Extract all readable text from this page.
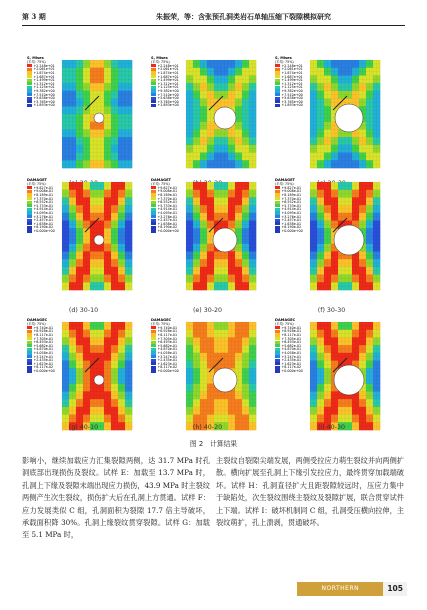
第 3 期	朱振荣，等：含张预孔洞类岩石单轴压缩下裂隙模拟研究
S, Mises
(平均: 75%)
+2.248e+01
+2.061e+01
+1.874e+01
+1.687e+01
+1.499e+01
+1.312e+01
+1.125e+01
+9.382e+00
+7.510e+00
+5.638e+00
+3.765e+00
+1.893e+00
S, Mises
(平均: 75%)
+2.248e+01
+2.061e+01
+1.874e+01
+1.687e+01
+1.499e+01
+1.312e+01
+1.125e+01
+9.382e+00
+7.510e+00
+5.638e+00
+3.765e+00
+1.893e+00
S, Mises
(平均: 75%)
+2.248e+01
+2.061e+01
+1.874e+01
+1.687e+01
+1.499e+01
+1.312e+01
+1.125e+01
+9.382e+00
+7.510e+00
+5.638e+00
+3.765e+00
+1.893e+00
DAMAGET
(平均: 75%)
+9.827e-01
+9.008e-01
+8.189e-01
+7.370e-01
+6.552e-01
+5.733e-01
+4.914e-01
+4.095e-01
+3.276e-01
+2.457e-01
+1.638e-01
+8.190e-02
+0.000e+00
(d) 30-10
DAMAGET
(平均: 75%)
+9.827e-01
+9.008e-01
+8.189e-01
+7.370e-01
+6.552e-01
+5.733e-01
+4.914e-01
+4.095e-01
+3.276e-01
+2.457e-01
+1.638e-01
+8.190e-02
+0.000e+00
(e) 30-20
DAMAGET
(平均: 75%)
+9.827e-01
+9.008e-01
+8.189e-01
+7.370e-01
+6.552e-01
+5.733e-01
+4.914e-01
+4.095e-01
+3.276e-01
+2.457e-01
+1.638e-01
+8.190e-02
+0.000e+00
(f) 30-30
DAMAGEC
(平均: 75%)
+9.740e-01
+8.928e-01
+8.117e-01
+7.305e-01
+6.493e-01
+5.682e-01
+4.870e-01
+4.058e-01
+3.247e-01
+2.435e-01
+1.623e-01
+8.117e-02
+0.000e+00
(g) 40-10
DAMAGEC
(平均: 75%)
+9.740e-01
+8.928e-01
+8.117e-01
+7.305e-01
+6.493e-01
+5.682e-01
+4.870e-01
+4.058e-01
+3.247e-01
+2.435e-01
+1.623e-01
+8.117e-02
+0.000e+00
(h) 40-20
DAMAGEC
(平均: 75%)
+9.740e-01
+8.928e-01
+8.117e-01
+7.305e-01
+6.493e-01
+5.682e-01
+4.870e-01
+4.058e-01
+3.247e-01
+2.435e-01
+1.623e-01
+8.117e-02
+0.000e+00
(i) 40-30
图 2　计算结果
影响小，继续加载应力汇集裂隙两侧，达 31.7 MPa 时孔洞底部出现损伤及裂纹。试样 E：加载至 13.7 MPa 时，孔洞上下缘及裂隙末端出现应力损伤，43.9 MPa 时主裂纹两侧产生次生裂纹，损伤扩大后在孔洞上方贯通。试样 F：应力发展类似 C 组，孔洞面积为裂隙 17.7 倍主导破坏，承载面积降 30%。孔洞上缘裂纹贯穿裂隙。试样 G：加载至 5.1 MPa 时，
主裂纹自裂隙尖端发展，两侧受拉应力萌生裂纹并向两侧扩散。横向扩展至孔洞上下缘引发拉应力，最终贯穿加载端破坏。试样 H：孔洞直径扩大且距裂隙较远时，压应力集中于缺陷处，次生裂纹围绕主裂纹及裂隙扩展，联合贯穿试件上下端。试样 I：破坏机制同 C 组，孔洞受压横向拉伸，主裂纹萌扩，孔上溃剥，贯通破坏。
NORTHERN BUILDING
105
